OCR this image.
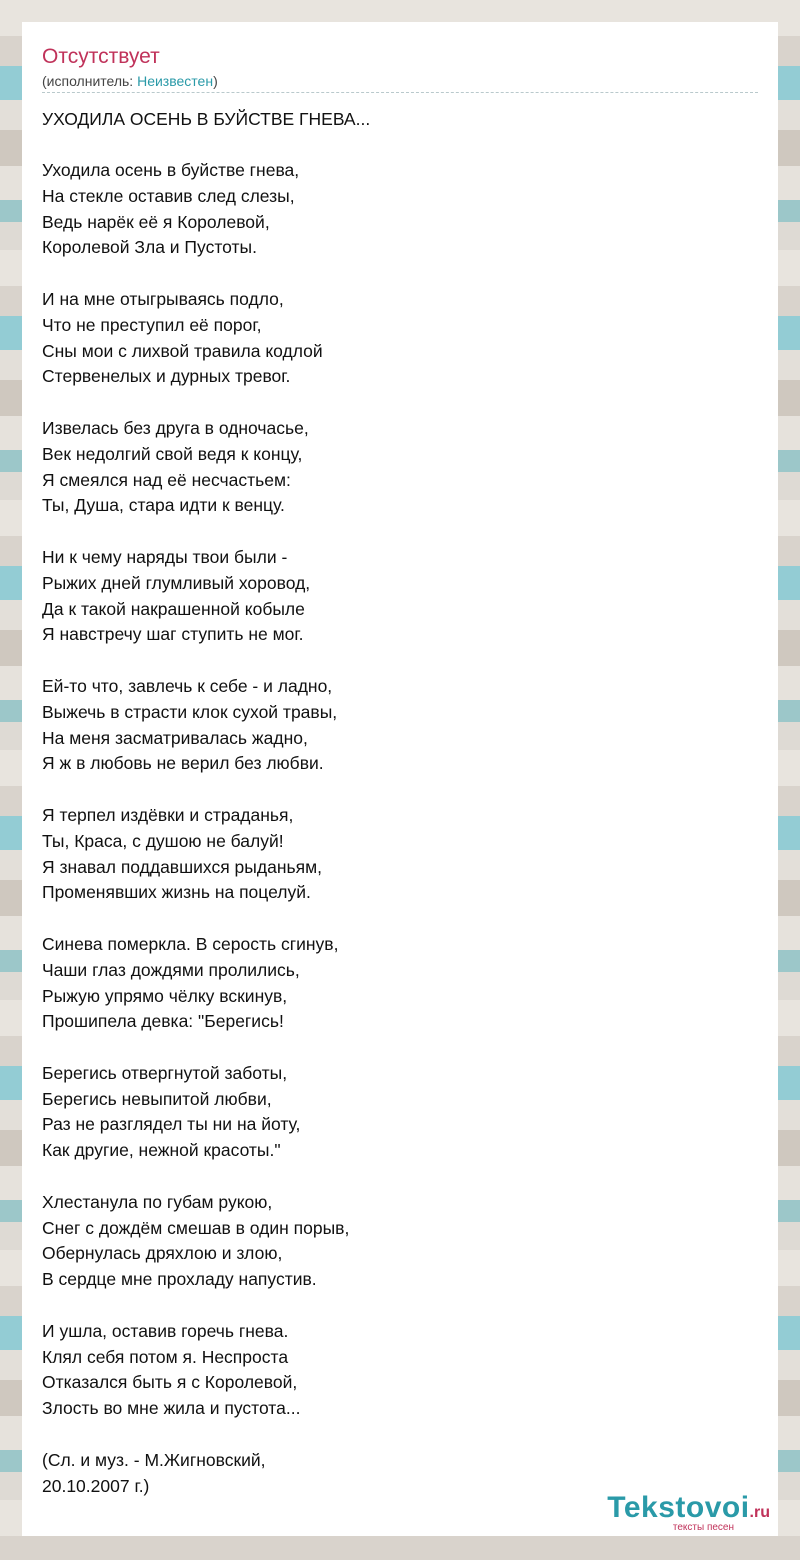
Отсутствует
(исполнитель: Неизвестен)
УХОДИЛА ОСЕНЬ В БУЙСТВЕ ГНЕВА...
Уходила осень в буйстве гнева,
На стекле оставив след слезы,
Ведь нарёк её я Королевой,
Королевой Зла и Пустоты.
И на мне отыгрываясь подло,
Что не преступил её порог,
Сны мои с лихвой травила кодлой
Стервенелых и дурных тревог.
Извелась без друга в одночасье,
Век недолгий свой ведя к концу,
Я смеялся над её несчастьем:
Ты, Душа, стара идти к венцу.
Ни к чему наряды твои были -
Рыжих дней глумливый хоровод,
Да к такой накрашенной кобыле
Я навстречу шаг ступить не мог.
Ей-то что, завлечь к себе - и ладно,
Выжечь в страсти клок сухой травы,
На меня засматривалась жадно,
Я ж в любовь не верил без любви.
Я терпел издёвки и страданья,
Ты, Краса, с душою не балуй!
Я знавал поддавшихся рыданьям,
Променявших жизнь на поцелуй.
Синева померкла. В серость сгинув,
Чаши глаз дождями пролились,
Рыжую упрямо чёлку вскинув,
Прошипела девка: "Берегись!
Берегись отвергнутой заботы,
Берегись невыпитой любви,
Раз не разглядел ты ни на йоту,
Как другие, нежной красоты."
Хлестанула по губам рукою,
Снег с дождём смешав в один порыв,
Обернулась дряхлою и злою,
В сердце мне прохладу напустив.
И ушла, оставив горечь гнева.
Клял себя потом я. Неспроста
Отказался быть я с Королевой,
Злость во мне жила и пустота...
(Сл. и муз. - М.Жигновский,
20.10.2007 г.)
Tekstovoi.ru
тексты песен
